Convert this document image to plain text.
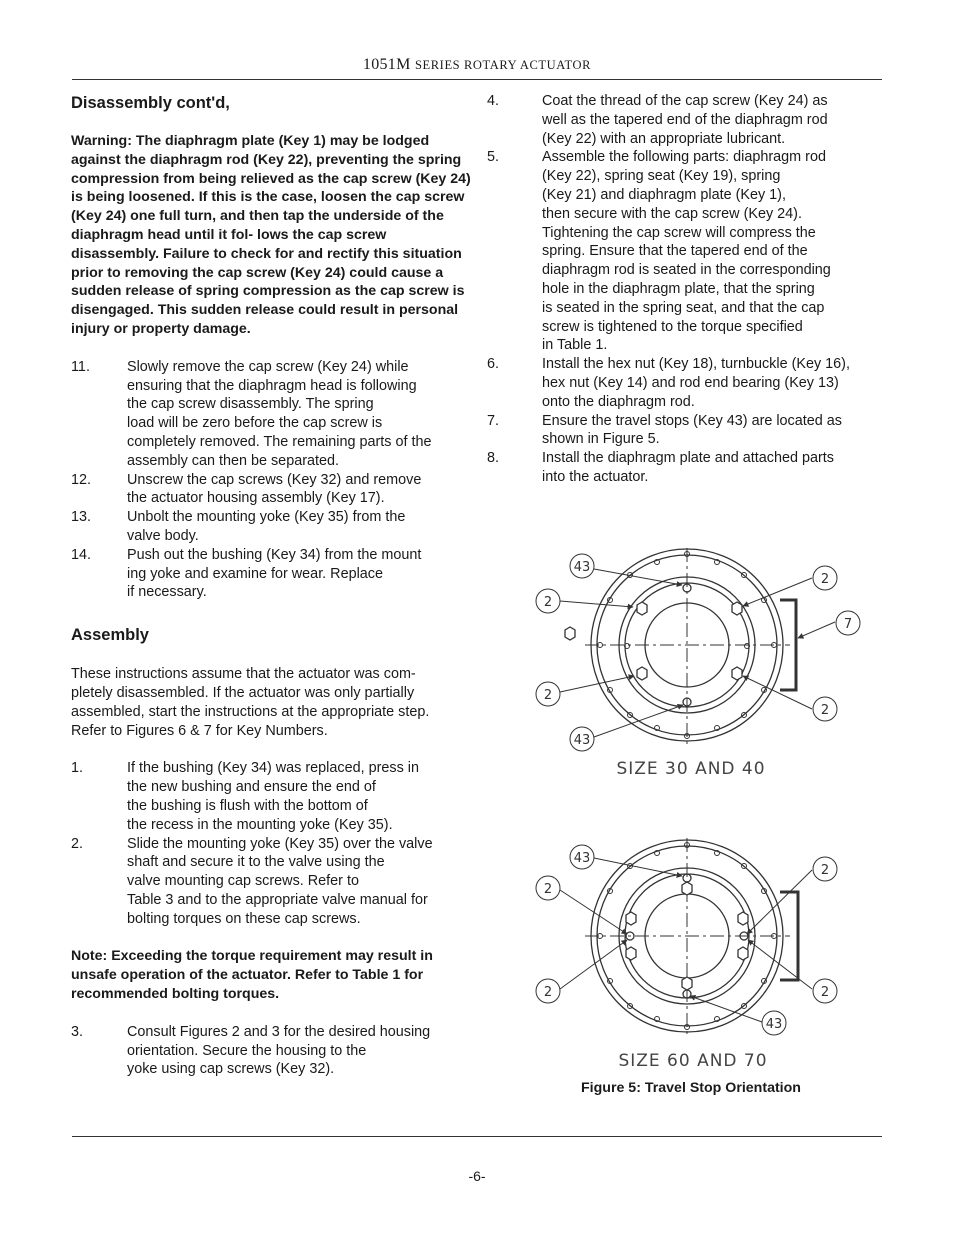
1051M SERIES ROTARY ACTUATOR
Disassembly cont'd,

Warning: The diaphragm plate (Key 1) may be lodged against the diaphragm rod (Key 22), preventing the spring compression from being relieved as the cap screw (Key 24) is being loosened. If this is the case, loosen the cap screw (Key 24) one full turn, and then tap the underside of the diaphragm head until it fol- lows the cap screw disassembly. Failure to check for and rectify this situation prior to removing the cap screw (Key 24) could cause a sudden release of spring compression as the cap screw is disengaged. This sudden release could result in personal injury or property damage.

11.	Slowly remove the cap screw (Key 24) while
ensuring that the diaphragm head is following
the cap screw disassembly. The spring
load will be zero before the cap screw is
completely removed. The remaining parts of the
assembly can then be separated.
12.	Unscrew the cap screws (Key 32) and remove
the actuator housing assembly (Key 17).
13.	Unbolt the mounting yoke (Key 35) from the
valve body.
14.	Push out the bushing (Key 34) from the mount
ing yoke and examine for wear. Replace
if necessary.
Assembly

These instructions assume that the actuator was com-
pletely disassembled. If the actuator was only partially
assembled, start the instructions at the appropriate step.
Refer to Figures 6 & 7 for Key Numbers.

1.	If the bushing (Key 34) was replaced, press in
the new bushing and ensure the end of
the bushing is flush with the bottom of
the recess in the mounting yoke (Key 35).
2.	Slide the mounting yoke (Key 35) over the valve
shaft and secure it to the valve using the
valve mounting cap screws. Refer to
Table 3 and to the appropriate valve manual for
bolting torques on these cap screws.

Note: Exceeding the torque requirement may result in unsafe operation of the actuator. Refer to Table 1 for recommended bolting torques.

3.	Consult Figures 2 and 3 for the desired housing
orientation. Secure the housing to the
yoke using cap screws (Key 32).
4.	Coat the thread of the cap screw (Key 24) as
well as the tapered end of the diaphragm rod
(Key 22) with an appropriate lubricant.
5.	Assemble the following parts: diaphragm rod
(Key 22), spring seat (Key 19), spring
(Key 21) and diaphragm plate (Key 1),
then secure with the cap screw (Key 24).
Tightening the cap screw will compress the
spring. Ensure that the tapered end of the
diaphragm rod is seated in the corresponding
hole in the diaphragm plate, that the spring
is seated in the spring seat, and that the cap
screw is tightened to the torque specified
in Table 1.
6.	Install the hex nut (Key 18), turnbuckle (Key 16),
hex nut (Key 14) and rod end bearing (Key 13)
onto the diaphragm rod.
7.	Ensure the travel stops (Key 43) are located as
shown in Figure 5.
8.	Install the diaphragm plate and attached parts
into the actuator.
43
2
2
7
2
2
43
SIZE 30 AND 40
43
2
2
2	2
43
SIZE 60 AND 70
Figure 5: Travel Stop Orientation
-6-
